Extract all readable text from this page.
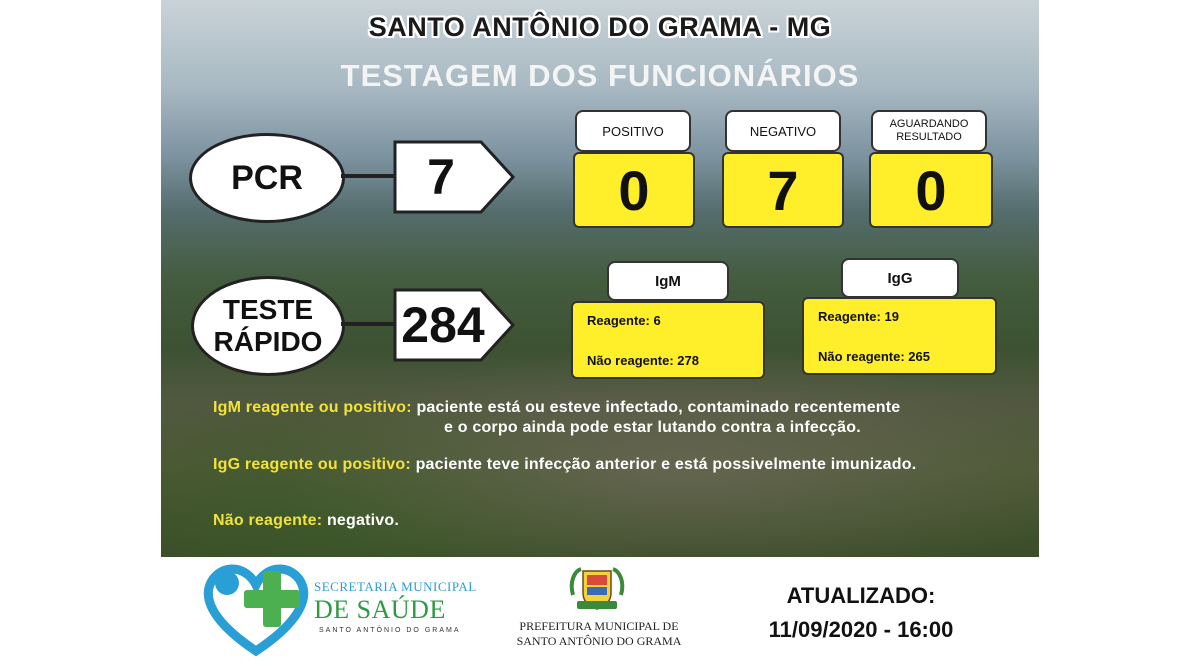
SANTO ANTÔNIO DO GRAMA - MG
TESTAGEM DOS FUNCIONÁRIOS
PCR	7
POSITIVO
0
NEGATIVO
7
AGUARDANDO RESULTADO
0
TESTE
RÁPIDO 284
IgM
Reagente: 6
Não reagente: 278
IgG
Reagente: 19
Não reagente: 265
IgM reagente ou positivo: paciente está ou esteve infectado, contaminado recentemente
e o corpo ainda pode estar lutando contra a infecção.
IgG reagente ou positivo: paciente teve infecção anterior e está possivelmente imunizado.
Não reagente: negativo.
SECRETARIA MUNICIPAL
DE SAÚDE
SANTO ANTÔNIO DO GRAMA	PREFEITURA MUNICIPAL DE
SANTO ANTÔNIO DO GRAMA
ATUALIZADO:
11/09/2020 - 16:00
